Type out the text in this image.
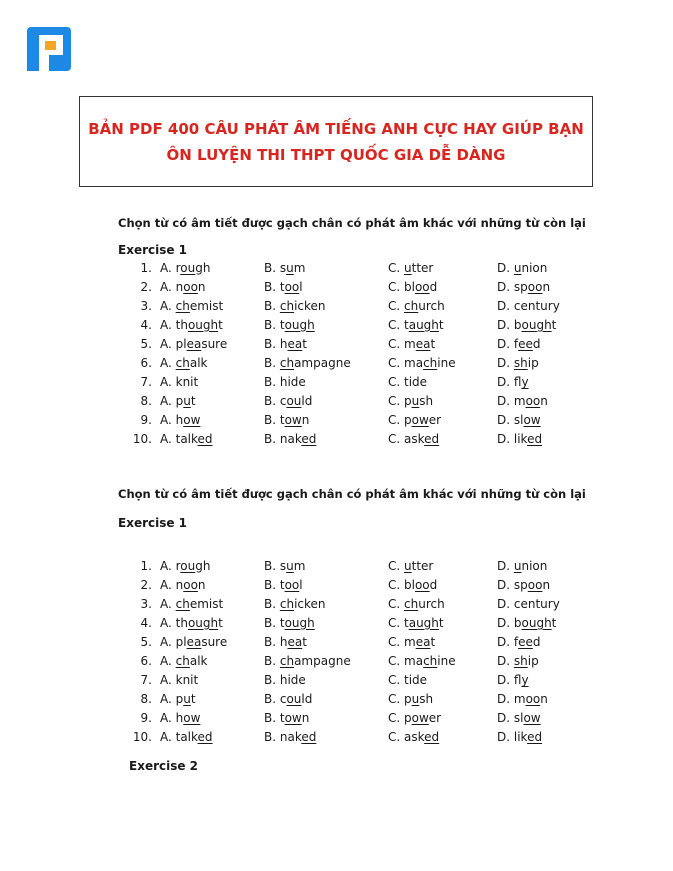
BẢN PDF 400 CÂU PHÁT ÂM TIẾNG ANH CỰC HAY GIÚP BẠN
ÔN LUYỆN THI THPT QUỐC GIA DỄ DÀNG

Chọn từ có âm tiết được gạch chân có phát âm khác với những từ còn lại

Exercise 1

1.	A. rough	B. sum	C. utter	D. union
2.	A. noon	B. tool	C. blood	D. spoon
3.	A. chemist	B. chicken	C. church	D. century
4.	A. thought	B. tough	C. taught	D. bought
5.	A. pleasure	B. heat	C. meat	D. feed
6.	A. chalk	B. champagne	C. machine	D. ship
7.	A. knit	B. hide	C. tide	D. fly
8.	A. put	B. could	C. push	D. moon
9.	A. how	B. town	C. power	D. slow
10.	A. talked	B. naked	C. asked	D. liked

Chọn từ có âm tiết được gạch chân có phát âm khác với những từ còn lại

Exercise 1

1.	A. rough	B. sum	C. utter	D. union
2.	A. noon	B. tool	C. blood	D. spoon
3.	A. chemist	B. chicken	C. church	D. century
4.	A. thought	B. tough	C. taught	D. bought
5.	A. pleasure	B. heat	C. meat	D. feed
6.	A. chalk	B. champagne	C. machine	D. ship
7.	A. knit	B. hide	C. tide	D. fly
8.	A. put	B. could	C. push	D. moon
9.	A. how	B. town	C. power	D. slow
10.	A. talked	B. naked	C. asked	D. liked

Exercise 2
